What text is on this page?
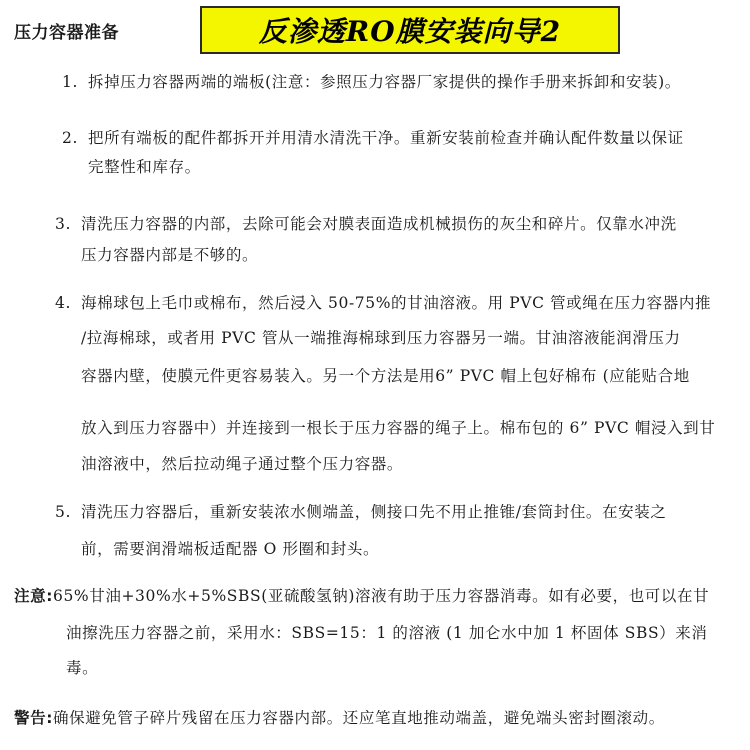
压力容器准备	反渗透RO膜安装向导2
1. 拆掉压力容器两端的端板(注意：参照压力容器厂家提供的操作手册来拆卸和安装)。
2. 把所有端板的配件都拆开并用清水清洗干净。重新安装前检查并确认配件数量以保证
完整性和库存。
3. 清洗压力容器的内部，去除可能会对膜表面造成机械损伤的灰尘和碎片。仅靠水冲洗
压力容器内部是不够的。
4. 海棉球包上毛巾或棉布，然后浸入 50-75%的甘油溶液。用 PVC 管或绳在压力容器内推
/拉海棉球，或者用 PVC 管从一端推海棉球到压力容器另一端。甘油溶液能润滑压力
容器内壁，使膜元件更容易装入。另一个方法是用6” PVC 帽上包好棉布 (应能贴合地
放入到压力容器中）并连接到一根长于压力容器的绳子上。棉布包的 6” PVC 帽浸入到甘
油溶液中，然后拉动绳子通过整个压力容器。
5. 清洗压力容器后，重新安装浓水侧端盖，侧接口先不用止推锥/套筒封住。在安装之
前，需要润滑端板适配器 O 形圈和封头。
注意:65%甘油+30%水+5%SBS(亚硫酸氢钠)溶液有助于压力容器消毒。如有必要，也可以在甘
油擦洗压力容器之前，采用水：SBS=15：1 的溶液 (1 加仑水中加 1 杯固体 SBS）来消
毒。
警告:确保避免管子碎片残留在压力容器内部。还应笔直地推动端盖，避免端头密封圈滚动。
